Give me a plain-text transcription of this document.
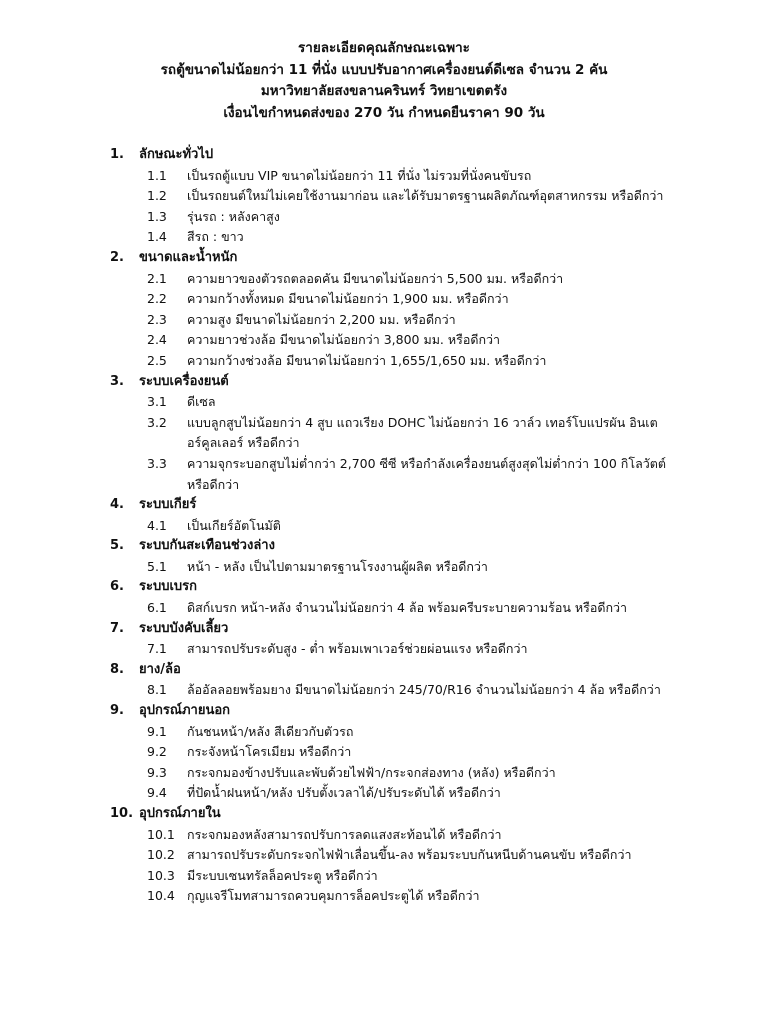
รายละเอียดคุณลักษณะเฉพาะ
รถตู้ขนาดไม่น้อยกว่า 11 ที่นั่ง แบบปรับอากาศเครื่องยนต์ดีเซล จำนวน 2 คัน
มหาวิทยาลัยสงขลานครินทร์ วิทยาเขตตรัง
เงื่อนไขกำหนดส่งของ 270 วัน กำหนดยืนราคา 90 วัน
1. ลักษณะทั่วไป
1.1 เป็นรถตู้แบบ VIP ขนาดไม่น้อยกว่า 11 ที่นั่ง ไม่รวมที่นั่งคนขับรถ
1.2 เป็นรถยนต์ใหม่ไม่เคยใช้งานมาก่อน และได้รับมาตรฐานผลิตภัณฑ์อุตสาหกรรม หรือดีกว่า
1.3 รุ่นรถ : หลังคาสูง
1.4 สีรถ : ขาว
2. ขนาดและน้ำหนัก
2.1 ความยาวของตัวรถตลอดคัน มีขนาดไม่น้อยกว่า 5,500 มม. หรือดีกว่า
2.2 ความกว้างทั้งหมด มีขนาดไม่น้อยกว่า 1,900 มม. หรือดีกว่า
2.3 ความสูง มีขนาดไม่น้อยกว่า 2,200 มม. หรือดีกว่า
2.4 ความยาวช่วงล้อ มีขนาดไม่น้อยกว่า 3,800 มม. หรือดีกว่า
2.5 ความกว้างช่วงล้อ มีขนาดไม่น้อยกว่า 1,655/1,650 มม. หรือดีกว่า
3. ระบบเครื่องยนต์
3.1 ดีเซล
3.2 แบบลูกสูบไม่น้อยกว่า 4 สูบ แถวเรียง DOHC ไม่น้อยกว่า 16 วาล์ว เทอร์โบแปรผัน อินเตอร์คูลเลอร์ หรือดีกว่า
3.3 ความจุกระบอกสูบไม่ต่ำกว่า 2,700 ซีซี หรือกำลังเครื่องยนต์สูงสุดไม่ต่ำกว่า 100 กิโลวัตต์ หรือดีกว่า
4. ระบบเกียร์
4.1 เป็นเกียร์อัตโนมัติ
5. ระบบกันสะเทือนช่วงล่าง
5.1 หน้า - หลัง เป็นไปตามมาตรฐานโรงงานผู้ผลิต หรือดีกว่า
6. ระบบเบรก
6.1 ดิสก์เบรก หน้า-หลัง จำนวนไม่น้อยกว่า 4 ล้อ พร้อมครีบระบายความร้อน หรือดีกว่า
7. ระบบบังคับเลี้ยว
7.1 สามารถปรับระดับสูง - ต่ำ พร้อมเพาเวอร์ช่วยผ่อนแรง หรือดีกว่า
8. ยาง/ล้อ
8.1 ล้ออัลลอยพร้อมยาง มีขนาดไม่น้อยกว่า 245/70/R16 จำนวนไม่น้อยกว่า 4 ล้อ หรือดีกว่า
9. อุปกรณ์ภายนอก
9.1 กันชนหน้า/หลัง สีเดียวกับตัวรถ
9.2 กระจังหน้าโครเมียม หรือดีกว่า
9.3 กระจกมองข้างปรับและพับด้วยไฟฟ้า/กระจกส่องทาง (หลัง) หรือดีกว่า
9.4 ที่ปัดน้ำฝนหน้า/หลัง ปรับตั้งเวลาได้/ปรับระดับได้ หรือดีกว่า
10. อุปกรณ์ภายใน
10.1 กระจกมองหลังสามารถปรับการลดแสงสะท้อนได้ หรือดีกว่า
10.2 สามารถปรับระดับกระจกไฟฟ้าเลื่อนขึ้น-ลง พร้อมระบบกันหนีบด้านคนขับ หรือดีกว่า
10.3 มีระบบเซนทรัลล็อคประตู หรือดีกว่า
10.4 กุญแจรีโมทสามารถควบคุมการล็อคประตูได้ หรือดีกว่า
